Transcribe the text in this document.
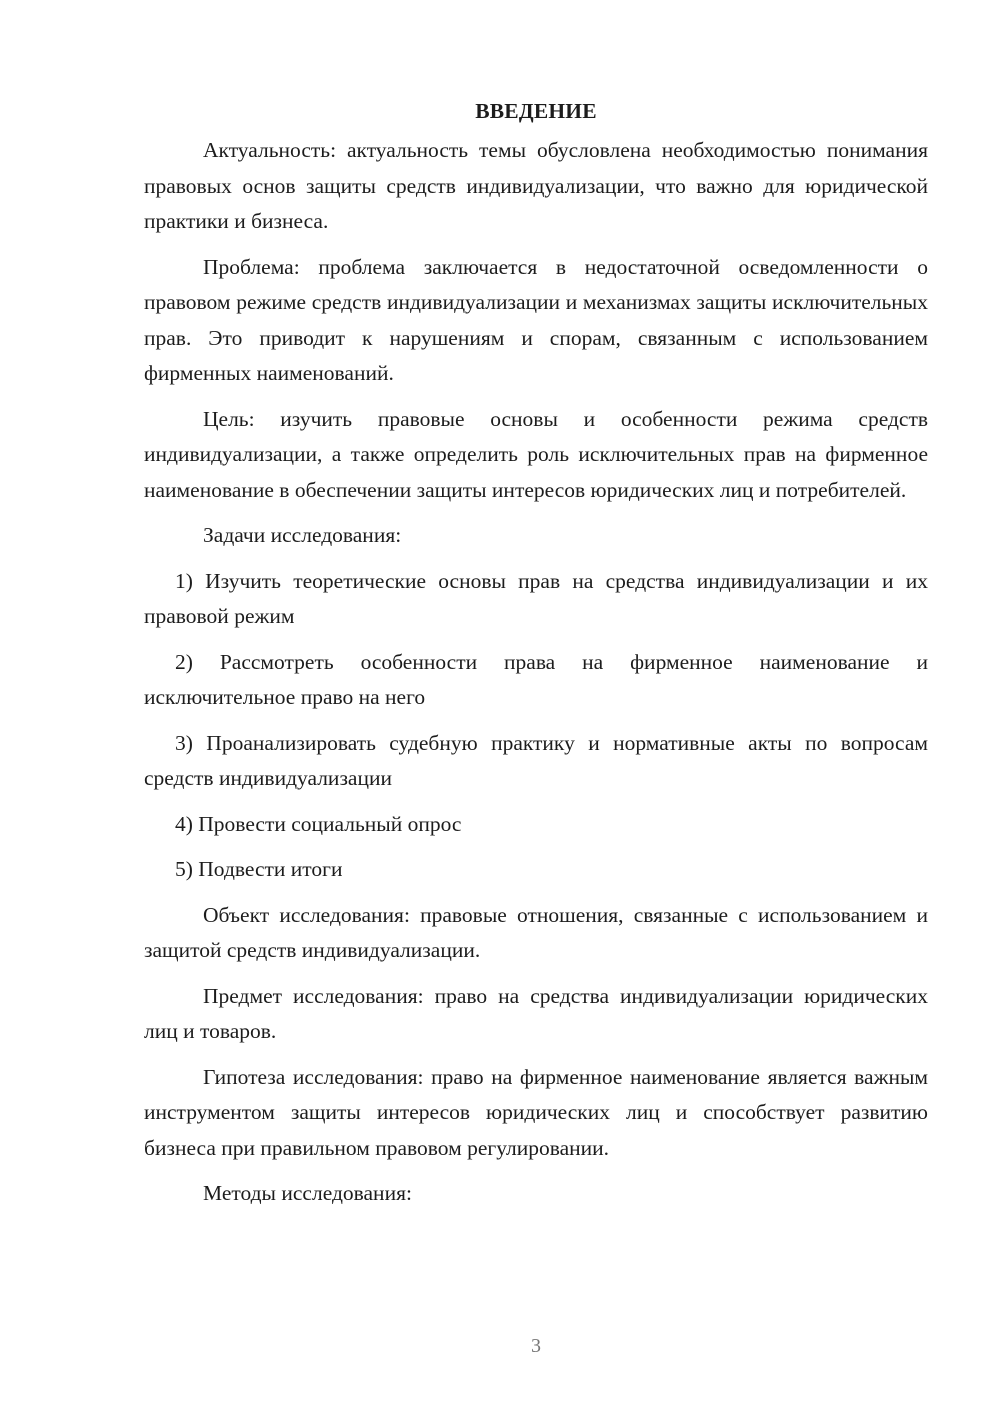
ВВЕДЕНИЕ

Актуальность: актуальность темы обусловлена необходимостью понимания правовых основ защиты средств индивидуализации, что важно для юридической практики и бизнеса.

Проблема: проблема заключается в недостаточной осведомленности о правовом режиме средств индивидуализации и механизмах защиты исключительных прав. Это приводит к нарушениям и спорам, связанным с использованием фирменных наименований.

Цель: изучить правовые основы и особенности режима средств индивидуализации, а также определить роль исключительных прав на фирменное наименование в обеспечении защиты интересов юридических лиц и потребителей.

Задачи исследования:

1) Изучить теоретические основы прав на средства индивидуализации и их правовой режим

2) Рассмотреть особенности права на фирменное наименование и исключительное право на него

3) Проанализировать судебную практику и нормативные акты по вопросам средств индивидуализации

4) Провести социальный опрос

5) Подвести итоги

Объект исследования: правовые отношения, связанные с использованием и защитой средств индивидуализации.

Предмет исследования: право на средства индивидуализации юридических лиц и товаров.

Гипотеза исследования: право на фирменное наименование является важным инструментом защиты интересов юридических лиц и способствует развитию бизнеса при правильном правовом регулировании.

Методы исследования:

3
